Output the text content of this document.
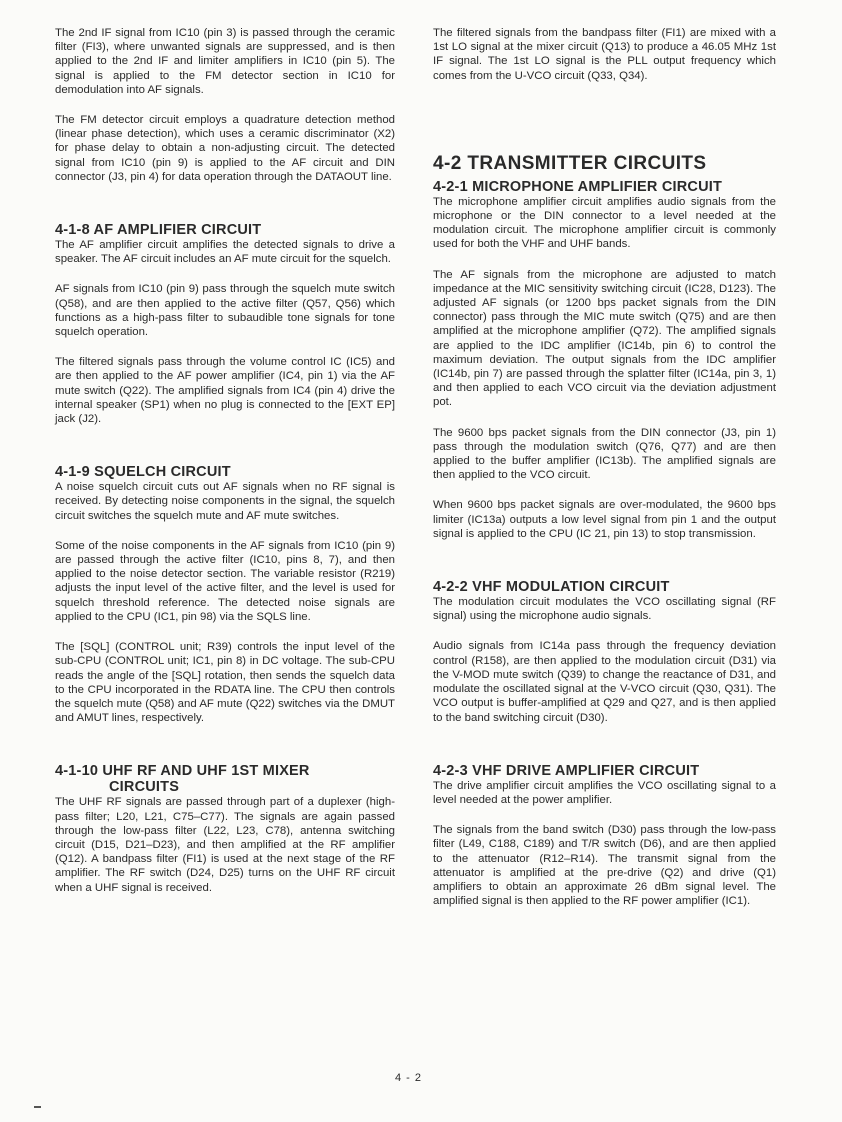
The 2nd IF signal from IC10 (pin 3) is passed through the ceramic filter (FI3), where unwanted signals are suppressed, and is then applied to the 2nd IF and limiter amplifiers in IC10 (pin 5). The signal is applied to the FM detector section in IC10 for demodulation into AF signals.

The FM detector circuit employs a quadrature detection method (linear phase detection), which uses a ceramic discriminator (X2) for phase delay to obtain a non-adjusting circuit. The detected signal from IC10 (pin 9) is applied to the AF circuit and DIN connector (J3, pin 4) for data operation through the DATAOUT line.

4-1-8 AF AMPLIFIER CIRCUIT

The AF amplifier circuit amplifies the detected signals to drive a speaker. The AF circuit includes an AF mute circuit for the squelch.

AF signals from IC10 (pin 9) pass through the squelch mute switch (Q58), and are then applied to the active filter (Q57, Q56) which functions as a high-pass filter to subaudible tone signals for tone squelch operation.

The filtered signals pass through the volume control IC (IC5) and are then applied to the AF power amplifier (IC4, pin 1) via the AF mute switch (Q22). The amplified signals from IC4 (pin 4) drive the internal speaker (SP1) when no plug is connected to the [EXT EP] jack (J2).

4-1-9 SQUELCH CIRCUIT

A noise squelch circuit cuts out AF signals when no RF signal is received. By detecting noise components in the signal, the squelch circuit switches the squelch mute and AF mute switches.

Some of the noise components in the AF signals from IC10 (pin 9) are passed through the active filter (IC10, pins 8, 7), and then applied to the noise detector section. The variable resistor (R219) adjusts the input level of the active filter, and the level is used for squelch threshold reference. The detected noise signals are applied to the CPU (IC1, pin 98) via the SQLS line.

The [SQL] (CONTROL unit; R39) controls the input level of the sub-CPU (CONTROL unit; IC1, pin 8) in DC voltage. The sub-CPU reads the angle of the [SQL] rotation, then sends the squelch data to the CPU incorporated in the RDATA line. The CPU then controls the squelch mute (Q58) and AF mute (Q22) switches via the DMUT and AMUT lines, respectively.

4-1-10 UHF RF AND UHF 1ST MIXER
CIRCUITS

The UHF RF signals are passed through part of a duplexer (high-pass filter; L20, L21, C75–C77). The signals are again passed through the low-pass filter (L22, L23, C78), antenna switching circuit (D15, D21–D23), and then amplified at the RF amplifier (Q12). A bandpass filter (FI1) is used at the next stage of the RF amplifier. The RF switch (D24, D25) turns on the UHF RF circuit when a UHF signal is received.

The filtered signals from the bandpass filter (FI1) are mixed with a 1st LO signal at the mixer circuit (Q13) to produce a 46.05 MHz 1st IF signal. The 1st LO signal is the PLL output frequency which comes from the U-VCO circuit (Q33, Q34).

4-2 TRANSMITTER CIRCUITS
4-2-1 MICROPHONE AMPLIFIER CIRCUIT

The microphone amplifier circuit amplifies audio signals from the microphone or the DIN connector to a level needed at the modulation circuit. The microphone amplifier circuit is commonly used for both the VHF and UHF bands.

The AF signals from the microphone are adjusted to match impedance at the MIC sensitivity switching circuit (IC28, D123). The adjusted AF signals (or 1200 bps packet signals from the DIN connector) pass through the MIC mute switch (Q75) and are then amplified at the microphone amplifier (Q72). The amplified signals are applied to the IDC amplifier (IC14b, pin 6) to control the maximum deviation. The output signals from the IDC amplifier (IC14b, pin 7) are passed through the splatter filter (IC14a, pin 3, 1) and then applied to each VCO circuit via the deviation adjustment pot.

The 9600 bps packet signals from the DIN connector (J3, pin 1) pass through the modulation switch (Q76, Q77) and are then applied to the buffer amplifier (IC13b). The amplified signals are then applied to the VCO circuit.

When 9600 bps packet signals are over-modulated, the 9600 bps limiter (IC13a) outputs a low level signal from pin 1 and the output signal is applied to the CPU (IC 21, pin 13) to stop transmission.

4-2-2 VHF MODULATION CIRCUIT

The modulation circuit modulates the VCO oscillating signal (RF signal) using the microphone audio signals.

Audio signals from IC14a pass through the frequency deviation control (R158), are then applied to the modulation circuit (D31) via the V-MOD mute switch (Q39) to change the reactance of D31, and modulate the oscillated signal at the V-VCO circuit (Q30, Q31). The VCO output is buffer-amplified at Q29 and Q27, and is then applied to the band switching circuit (D30).

4-2-3 VHF DRIVE AMPLIFIER CIRCUIT

The drive amplifier circuit amplifies the VCO oscillating signal to a level needed at the power amplifier.

The signals from the band switch (D30) pass through the low-pass filter (L49, C188, C189) and T/R switch (D6), and are then applied to the attenuator (R12–R14). The transmit signal from the attenuator is amplified at the pre-drive (Q2) and drive (Q1) amplifiers to obtain an approximate 26 dBm signal level. The amplified signal is then applied to the RF power amplifier (IC1).

4 - 2
